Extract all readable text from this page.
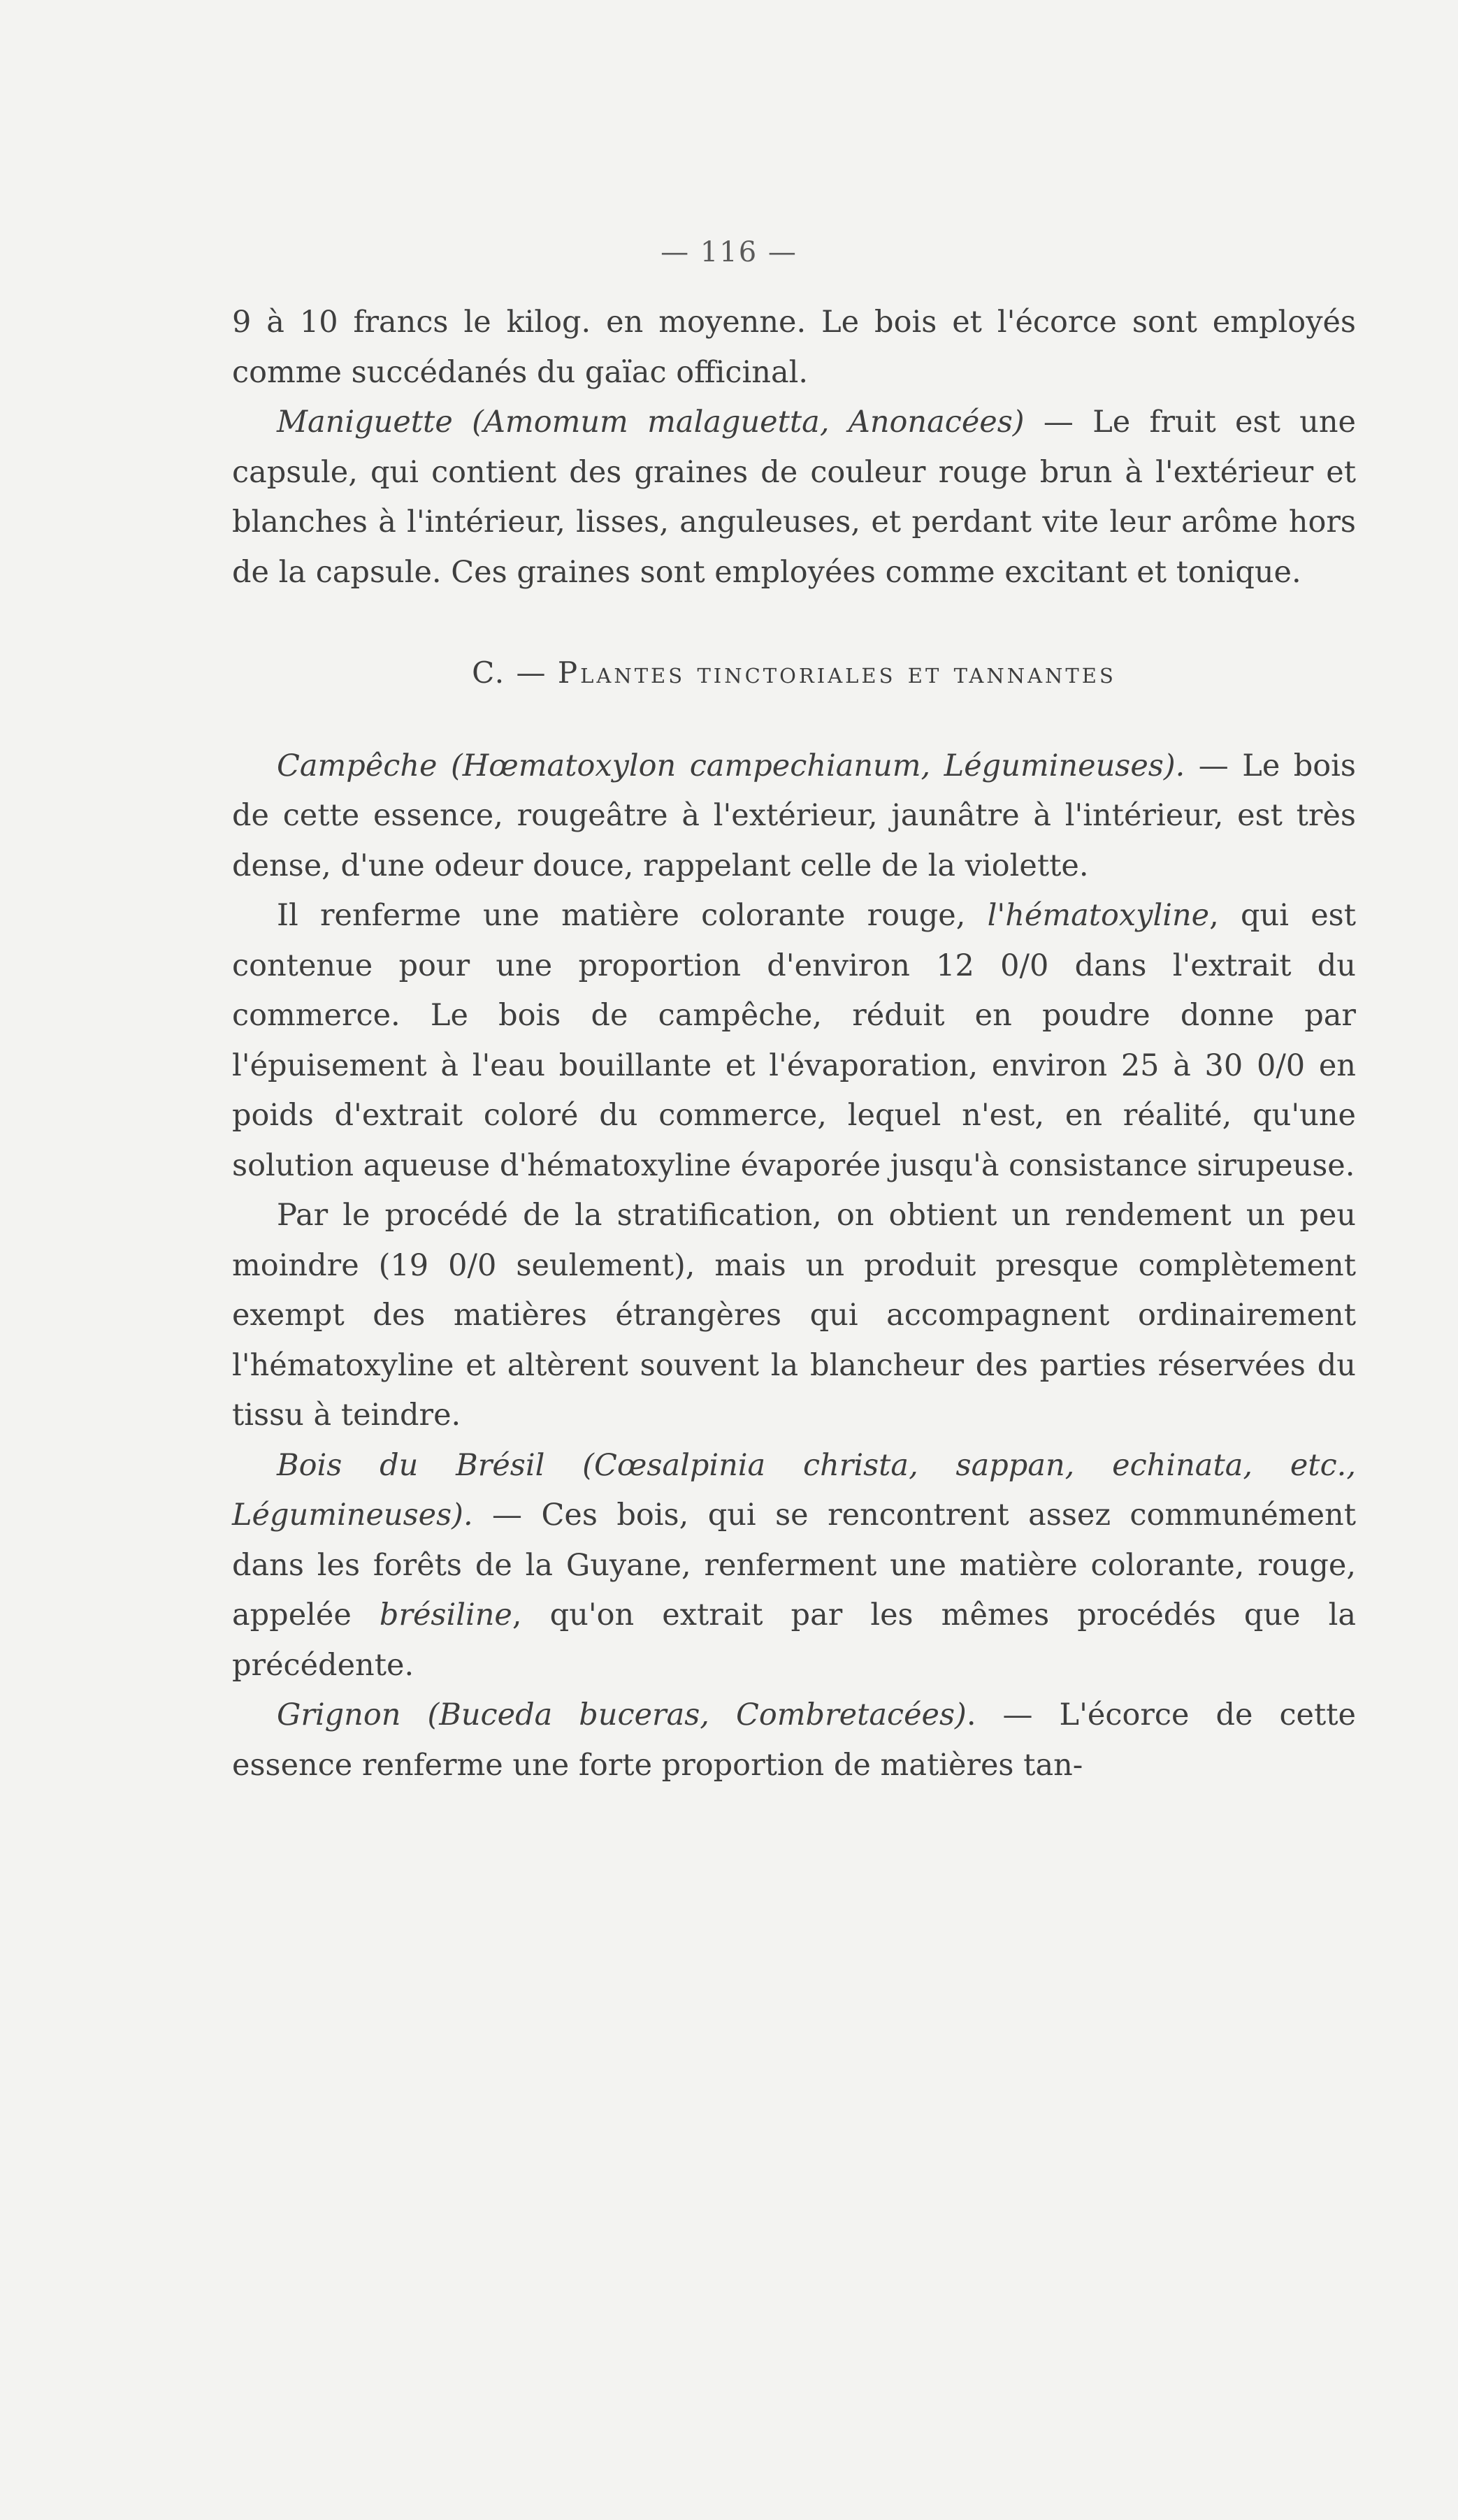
— 116 —

9 à 10 francs le kilog. en moyenne. Le bois et l'écorce sont employés comme succédanés du gaïac officinal.

Maniguette (Amomum malaguetta, Anonacées) — Le fruit est une capsule, qui contient des graines de couleur rouge brun à l'extérieur et blanches à l'intérieur, lisses, anguleuses, et perdant vite leur arôme hors de la capsule. Ces graines sont employées comme excitant et tonique.

C. — Plantes tinctoriales et tannantes

Campêche (Hœmatoxylon campechianum, Légumineuses). — Le bois de cette essence, rougeâtre à l'extérieur, jaunâtre à l'intérieur, est très dense, d'une odeur douce, rappelant celle de la violette.

Il renferme une matière colorante rouge, l'hématoxyline, qui est contenue pour une proportion d'environ 12 0/0 dans l'extrait du commerce. Le bois de campêche, réduit en poudre donne par l'épuisement à l'eau bouillante et l'évaporation, environ 25 à 30 0/0 en poids d'extrait coloré du commerce, lequel n'est, en réalité, qu'une solution aqueuse d'hématoxyline évaporée jusqu'à consistance sirupeuse.

Par le procédé de la stratification, on obtient un rendement un peu moindre (19 0/0 seulement), mais un produit presque complètement exempt des matières étrangères qui accompagnent ordinairement l'hématoxyline et altèrent souvent la blancheur des parties réservées du tissu à teindre.

Bois du Brésil (Cœsalpinia christa, sappan, echinata, etc., Légumineuses). — Ces bois, qui se rencontrent assez communément dans les forêts de la Guyane, renferment une matière colorante, rouge, appelée brésiline, qu'on extrait par les mêmes procédés que la précédente.

Grignon (Buceda buceras, Combretacées). — L'écorce de cette essence renferme une forte proportion de matières tan-
